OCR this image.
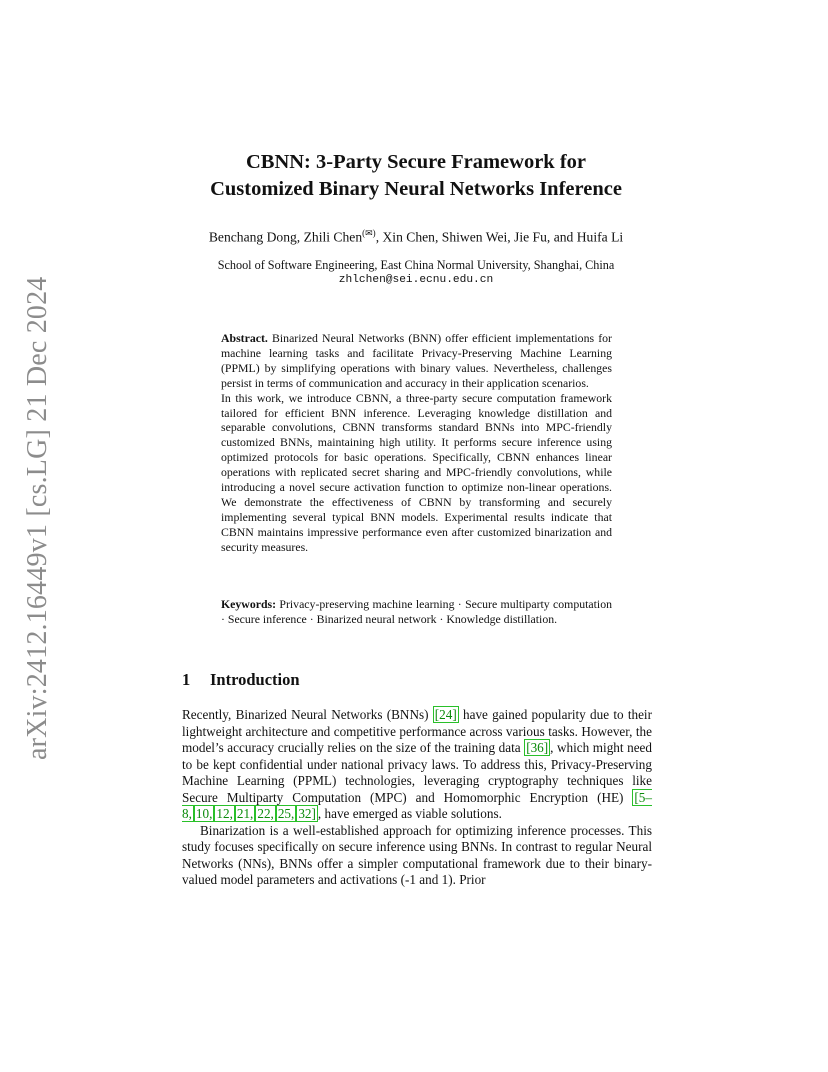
arXiv:2412.16449v1 [cs.LG] 21 Dec 2024

CBNN: 3-Party Secure Framework for

Customized Binary Neural Networks Inference

Benchang Dong, Zhili Chen(✉), Xin Chen, Shiwen Wei, Jie Fu, and Huifa Li
School of Software Engineering, East China Normal University, Shanghai, China
zhlchen@sei.ecnu.edu.cn

Abstract. Binarized Neural Networks (BNN) offer efficient implementations for machine learning tasks and facilitate Privacy-Preserving Machine Learning (PPML) by simplifying operations with binary values. Nevertheless, challenges persist in terms of communication and accuracy in their application scenarios.

In this work, we introduce CBNN, a three-party secure computation framework tailored for efficient BNN inference. Leveraging knowledge distillation and separable convolutions, CBNN transforms standard BNNs into MPC-friendly customized BNNs, maintaining high utility. It performs secure inference using optimized protocols for basic operations. Specifically, CBNN enhances linear operations with replicated secret sharing and MPC-friendly convolutions, while introducing a novel secure activation function to optimize non-linear operations. We demonstrate the effectiveness of CBNN by transforming and securely implementing several typical BNN models. Experimental results indicate that CBNN maintains impressive performance even after customized binarization and security measures.

Keywords: Privacy-preserving machine learning · Secure multiparty computation · Secure inference · Binarized neural network · Knowledge distillation.
1 Introduction

Recently, Binarized Neural Networks (BNNs) [24] have gained popularity due to their lightweight architecture and competitive performance across various tasks. However, the model’s accuracy crucially relies on the size of the training data [36] , which might need to be kept confidential under national privacy laws. To address this, Privacy-Preserving Machine Learning (PPML) technologies, leveraging cryptography techniques like Secure Multiparty Computation (MPC) and Homomorphic Encryption (HE) [5–8, 10, 12, 21, 22, 25, 32] , have emerged as viable solutions.

Binarization is a well-established approach for optimizing inference processes. This study focuses specifically on secure inference using BNNs. In contrast to regular Neural Networks (NNs), BNNs offer a simpler computational framework due to their binary-valued model parameters and activations (-1 and 1). Prior
